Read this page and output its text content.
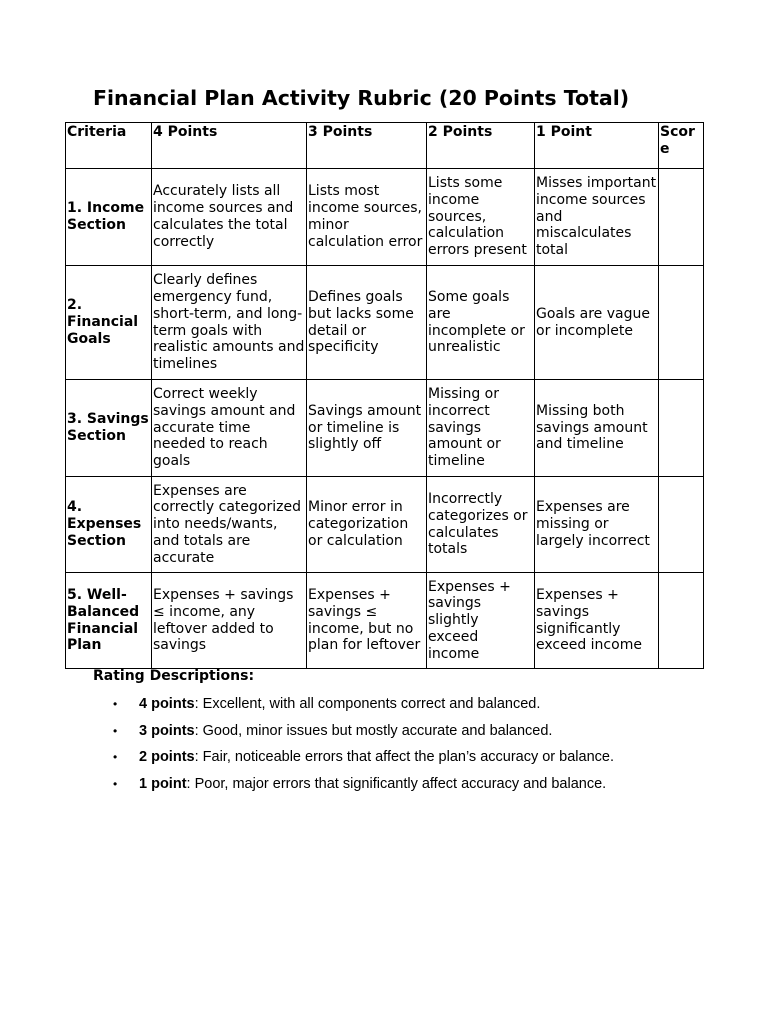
Financial Plan Activity Rubric (20 Points Total)
Criteria	4 Points	3 Points	2 Points	1 Point	Score
1. Income Section	Accurately lists all income sources and calculates the total correctly	Lists most income sources, minor calculation error	Lists some income sources, calculation errors present	Misses important income sources and miscalculates total	
2. Financial Goals	Clearly defines emergency fund, short-term, and long-term goals with realistic amounts and timelines	Defines goals but lacks some detail or specificity	Some goals are incomplete or unrealistic	Goals are vague or incomplete	
3. Savings Section	Correct weekly savings amount and accurate time needed to reach goals	Savings amount or timeline is slightly off	Missing or incorrect savings amount or timeline	Missing both savings amount and timeline	
4. Expenses Section	Expenses are correctly categorized into needs/wants, and totals are accurate	Minor error in categorization or calculation	Incorrectly categorizes or calculates totals	Expenses are missing or largely incorrect	
5. Well-Balanced Financial Plan	Expenses + savings ≤ income, any leftover added to savings	Expenses + savings ≤ income, but no plan for leftover	Expenses + savings slightly exceed income	Expenses + savings significantly exceed income	

Rating Descriptions:

• 4 points: Excellent, with all components correct and balanced.
• 3 points: Good, minor issues but mostly accurate and balanced.
• 2 points: Fair, noticeable errors that affect the plan’s accuracy or balance.
• 1 point: Poor, major errors that significantly affect accuracy and balance.
